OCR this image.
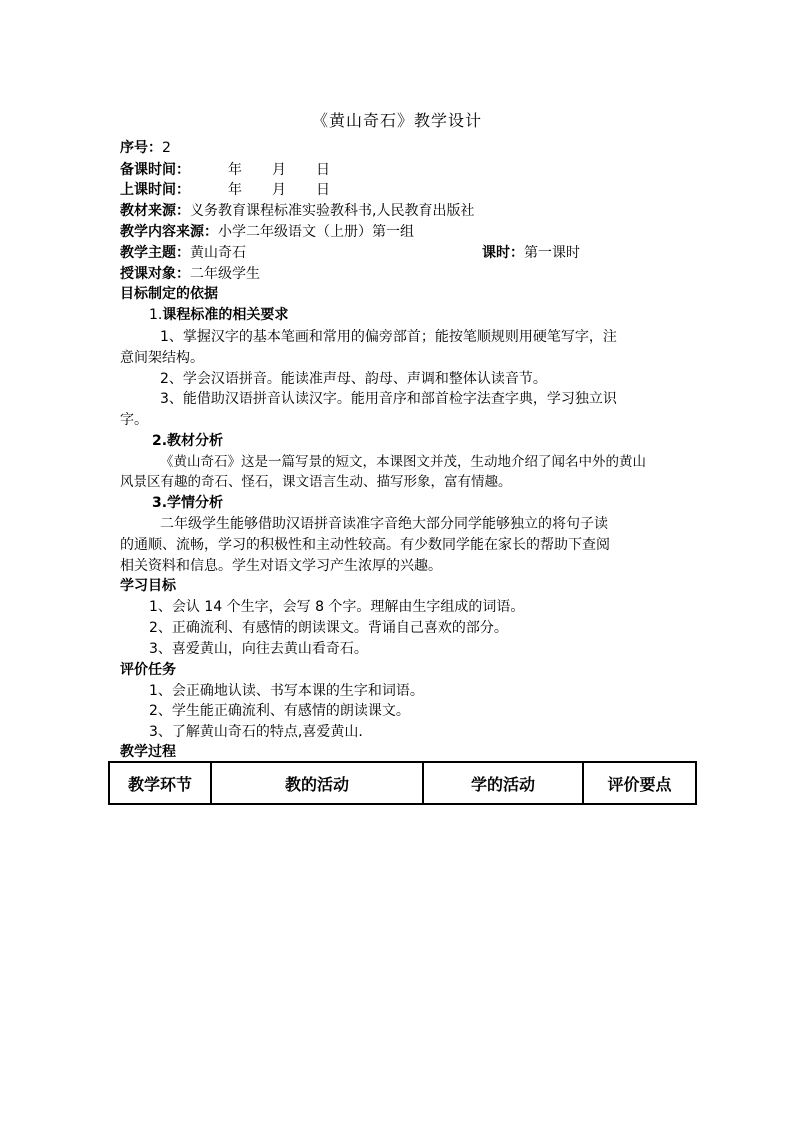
《黄山奇石》教学设计
序号：2
备课时间：	年 月 日
上课时间：	年 月 日
教材来源：义务教育课程标准实验教科书,人民教育出版社
教学内容来源：小学二年级语文（上册）第一组
教学主题：黄山奇石	课时：第一课时
授课对象：二年级学生
目标制定的依据
1.课程标准的相关要求
1、掌握汉字的基本笔画和常用的偏旁部首；能按笔顺规则用硬笔写字，注
意间架结构。
2、学会汉语拼音。能读准声母、韵母、声调和整体认读音节。
3、能借助汉语拼音认读汉字。能用音序和部首检字法查字典，学习独立识
字。
2.教材分析
《黄山奇石》这是一篇写景的短文，本课图文并茂，生动地介绍了闻名中外的黄山
风景区有趣的奇石、怪石，课文语言生动、描写形象，富有情趣。
3.学情分析
二年级学生能够借助汉语拼音读准字音绝大部分同学能够独立的将句子读
的通顺、流畅，学习的积极性和主动性较高。有少数同学能在家长的帮助下查阅
相关资料和信息。学生对语文学习产生浓厚的兴趣。
学习目标
1、会认 14 个生字，会写 8 个字。理解由生字组成的词语。
2、正确流利、有感情的朗读课文。背诵自己喜欢的部分。
3、喜爱黄山，向往去黄山看奇石。
评价任务
1、会正确地认读、书写本课的生字和词语。
2、学生能正确流利、有感情的朗读课文。
3、了解黄山奇石的特点,喜爱黄山.
教学过程
教学环节	教的活动	学的活动	评价要点
